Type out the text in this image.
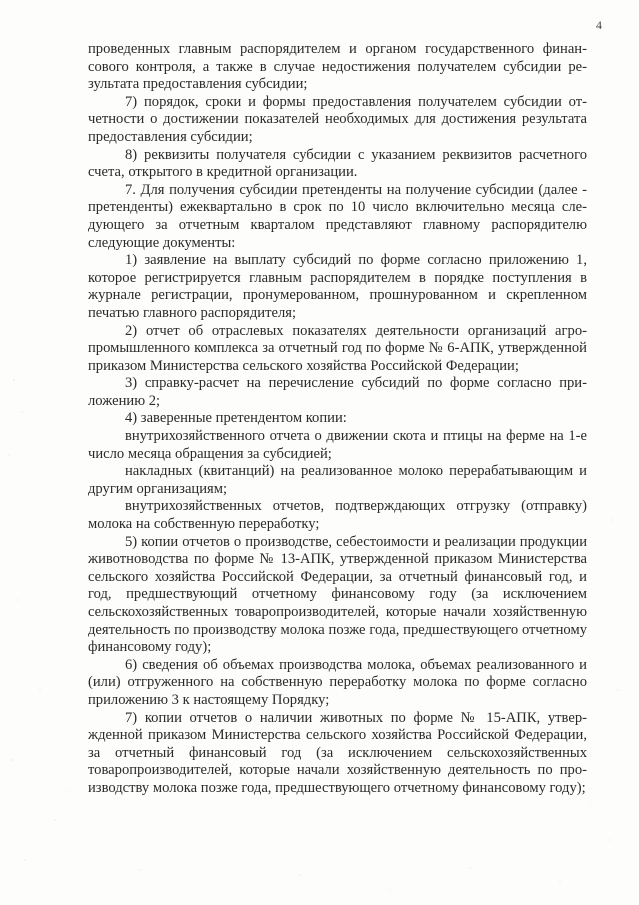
4

проведенных главным распорядителем и органом государственного финансового контроля, а также в случае недостижения получателем субсидии результата предоставления субсидии;

7) порядок, сроки и формы предоставления получателем субсидии отчетности о достижении показателей необходимых для достижения результата предоставления субсидии;

8) реквизиты получателя субсидии с указанием реквизитов расчетного счета, открытого в кредитной организации.

7. Для получения субсидии претенденты на получение субсидии (далее - претенденты) ежеквартально в срок по 10 число включительно месяца следующего за отчетным кварталом представляют главному распорядителю следующие документы:

1) заявление на выплату субсидий по форме согласно приложению 1, которое регистрируется главным распорядителем в порядке поступления в журнале регистрации, пронумерованном, прошнурованном и скрепленном печатью главного распорядителя;

2) отчет об отраслевых показателях деятельности организаций агропромышленного комплекса за отчетный год по форме № 6-АПК, утвержденной приказом Министерства сельского хозяйства Российской Федерации;

3) справку-расчет на перечисление субсидий по форме согласно приложению 2;

4) заверенные претендентом копии:

внутрихозяйственного отчета о движении скота и птицы на ферме на 1-е число месяца обращения за субсидией;

накладных (квитанций) на реализованное молоко перерабатывающим и другим организациям;

внутрихозяйственных отчетов, подтверждающих отгрузку (отправку) молока на собственную переработку;

5) копии отчетов о производстве, себестоимости и реализации продукции животноводства по форме № 13-АПК, утвержденной приказом Министерства сельского хозяйства Российской Федерации, за отчетный финансовый год, и год, предшествующий отчетному финансовому году (за исключением сельскохозяйственных товаропроизводителей, которые начали хозяйственную деятельность по производству молока позже года, предшествующего отчетному финансовому году);

6) сведения об объемах производства молока, объемах реализованного и (или) отгруженного на собственную переработку молока по форме согласно приложению 3 к настоящему Порядку;

7) копии отчетов о наличии животных по форме № 15-АПК, утвержденной приказом Министерства сельского хозяйства Российской Федерации, за отчетный финансовый год (за исключением сельскохозяйственных товаропроизводителей, которые начали хозяйственную деятельность по производству молока позже года, предшествующего отчетному финансовому году);
